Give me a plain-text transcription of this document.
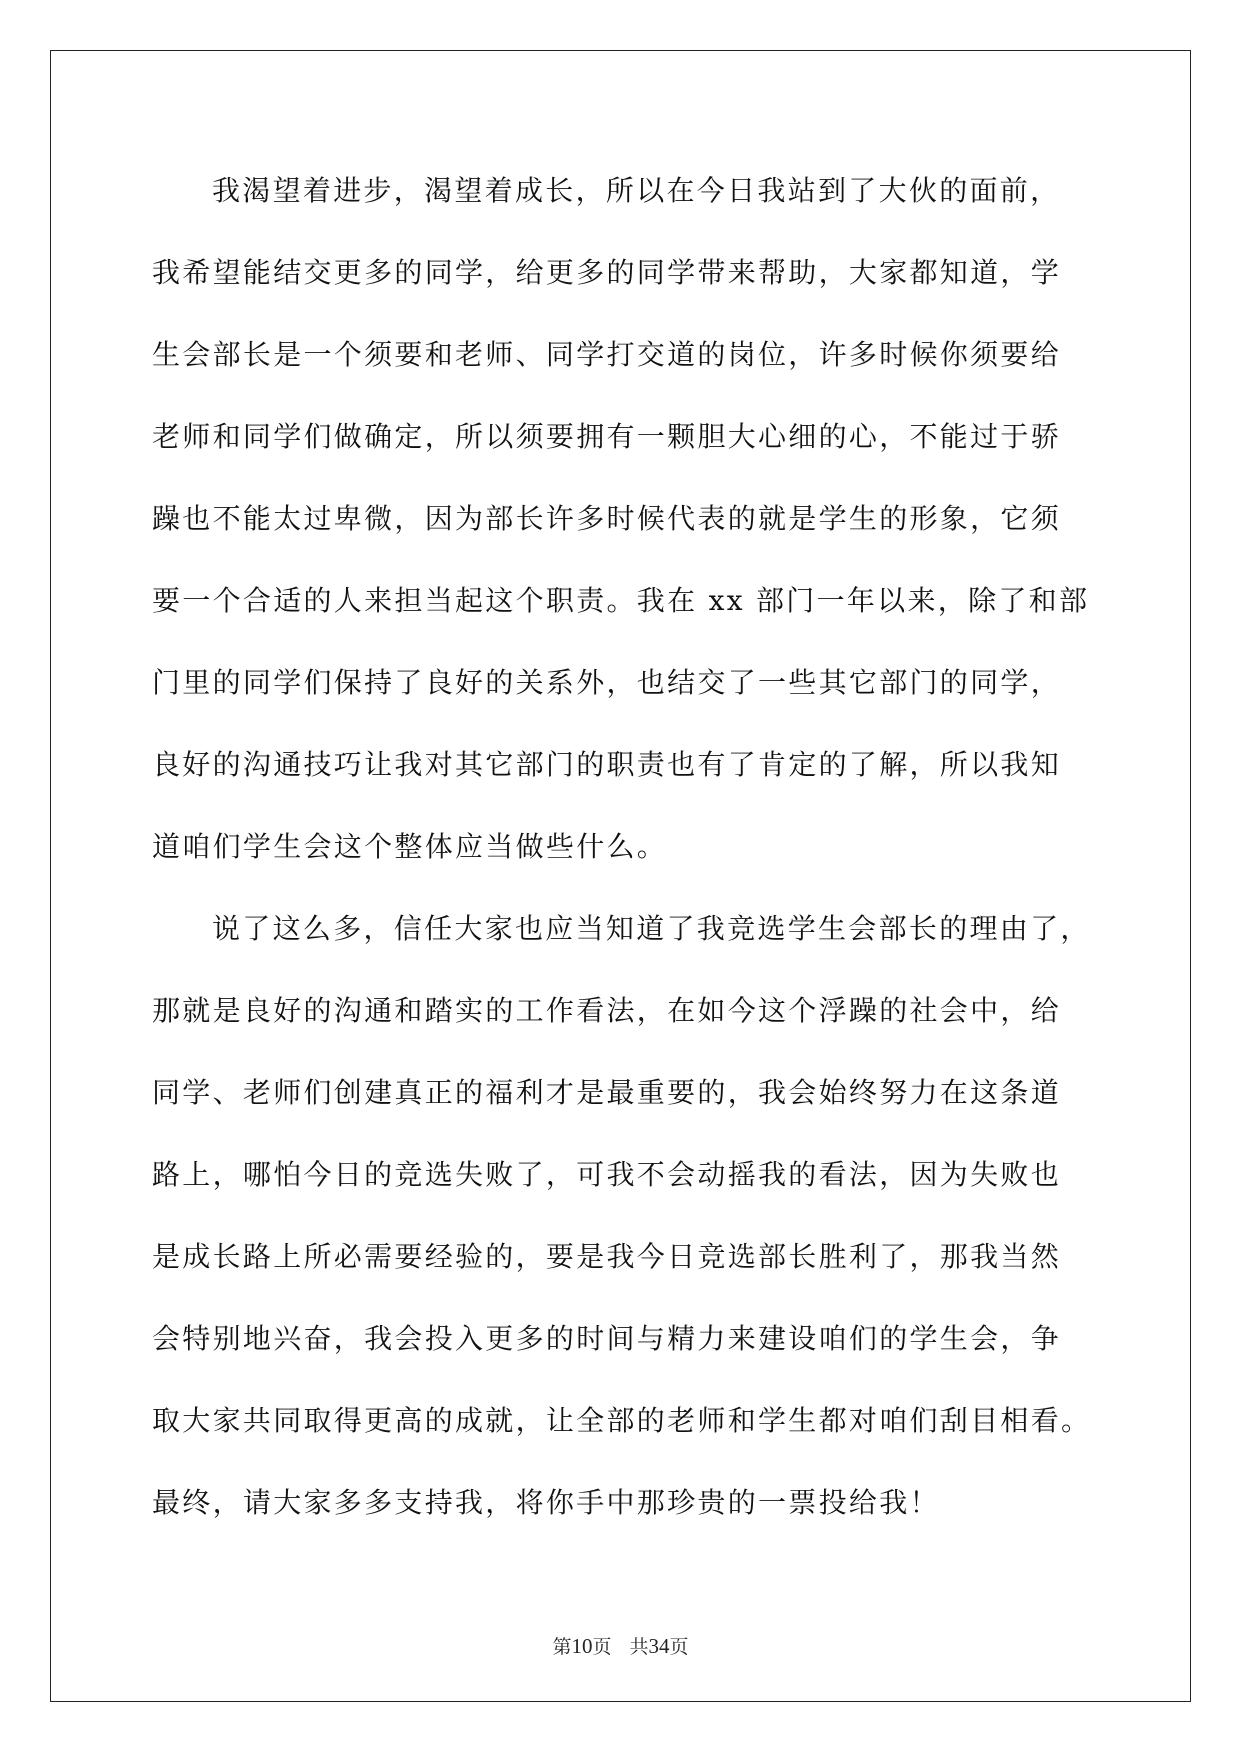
我渴望着进步，渴望着成长，所以在今日我站到了大伙的面前，
我希望能结交更多的同学，给更多的同学带来帮助，大家都知道，学
生会部长是一个须要和老师、同学打交道的岗位，许多时候你须要给
老师和同学们做确定，所以须要拥有一颗胆大心细的心，不能过于骄
躁也不能太过卑微，因为部长许多时候代表的就是学生的形象，它须
要一个合适的人来担当起这个职责。我在 xx 部门一年以来，除了和部
门里的同学们保持了良好的关系外，也结交了一些其它部门的同学，
良好的沟通技巧让我对其它部门的职责也有了肯定的了解，所以我知
道咱们学生会这个整体应当做些什么。
说了这么多，信任大家也应当知道了我竞选学生会部长的理由了，
那就是良好的沟通和踏实的工作看法，在如今这个浮躁的社会中，给
同学、老师们创建真正的福利才是最重要的，我会始终努力在这条道
路上，哪怕今日的竞选失败了，可我不会动摇我的看法，因为失败也
是成长路上所必需要经验的，要是我今日竞选部长胜利了，那我当然
会特别地兴奋，我会投入更多的时间与精力来建设咱们的学生会，争
取大家共同取得更高的成就，让全部的老师和学生都对咱们刮目相看。
最终，请大家多多支持我，将你手中那珍贵的一票投给我！
第10页 共34页
